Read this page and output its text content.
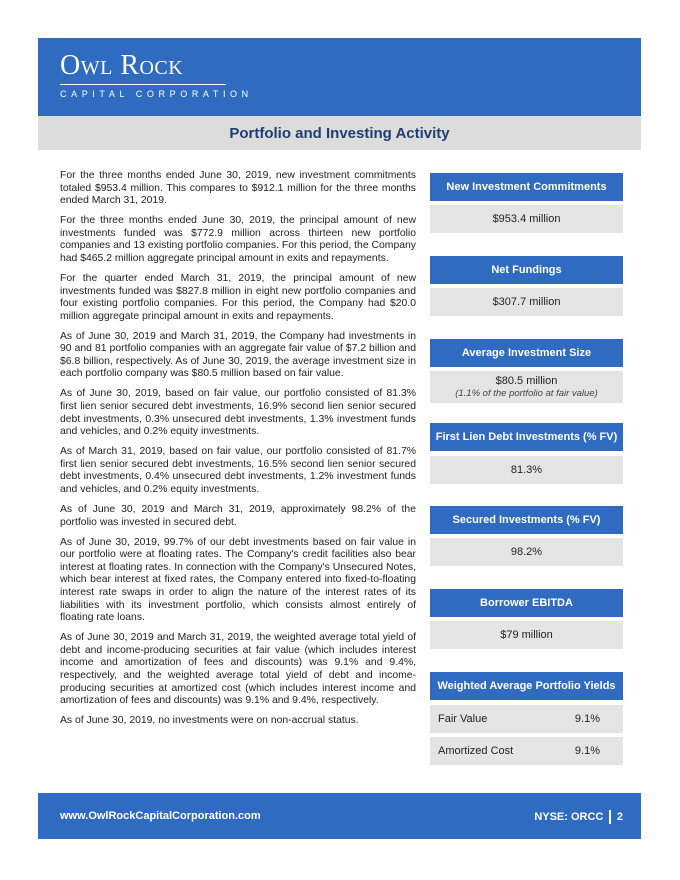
Owl Rock
CAPITAL CORPORATION
Portfolio and Investing Activity

For the three months ended June 30, 2019, new investment commitments totaled $953.4 million. This compares to $912.1 million for the three months ended March 31, 2019.

For the three months ended June 30, 2019, the principal amount of new investments funded was $772.9 million across thirteen new portfolio companies and 13 existing portfolio companies. For this period, the Company had $465.2 million aggregate principal amount in exits and repayments.

For the quarter ended March 31, 2019, the principal amount of new investments funded was $827.8 million in eight new portfolio companies and four existing portfolio companies. For this period, the Company had $20.0 million aggregate principal amount in exits and repayments.

As of June 30, 2019 and March 31, 2019, the Company had investments in 90 and 81 portfolio companies with an aggregate fair value of $7.2 billion and $6.8 billion, respectively. As of June 30, 2019, the average investment size in each portfolio company was $80.5 million based on fair value.

As of June 30, 2019, based on fair value, our portfolio consisted of 81.3% first lien senior secured debt investments, 16.9% second lien senior secured debt investments, 0.3% unsecured debt investments, 1.3% investment funds and vehicles, and 0.2% equity investments.

As of March 31, 2019, based on fair value, our portfolio consisted of 81.7% first lien senior secured debt investments, 16.5% second lien senior secured debt investments, 0.4% unsecured debt investments, 1.2% investment funds and vehicles, and 0.2% equity investments.

As of June 30, 2019 and March 31, 2019, approximately 98.2% of the portfolio was invested in secured debt.

As of June 30, 2019, 99.7% of our debt investments based on fair value in our portfolio were at floating rates. The Company's credit facilities also bear interest at floating rates. In connection with the Company's Unsecured Notes, which bear interest at fixed rates, the Company entered into fixed-to-floating interest rate swaps in order to align the nature of the interest rates of its liabilities with its investment portfolio, which consists almost entirely of floating rate loans.

As of June 30, 2019 and March 31, 2019, the weighted average total yield of debt and income-producing securities at fair value (which includes interest income and amortization of fees and discounts) was 9.1% and 9.4%, respectively, and the weighted average total yield of debt and income-producing securities at amortized cost (which includes interest income and amortization of fees and discounts) was 9.1% and 9.4%, respectively.

As of June 30, 2019, no investments were on non-accrual status.

New Investment Commitments
$953.4 million
Net Fundings
$307.7 million
Average Investment Size
$80.5 million
(1.1% of the portfolio at fair value)
First Lien Debt Investments (% FV)
81.3%
Secured Investments (% FV)
98.2%
Borrower EBITDA
$79 million
Weighted Average Portfolio Yields
Fair Value	9.1%
Amortized Cost	9.1%
www.OwlRockCapitalCorporation.com	NYSE: ORCC 2
